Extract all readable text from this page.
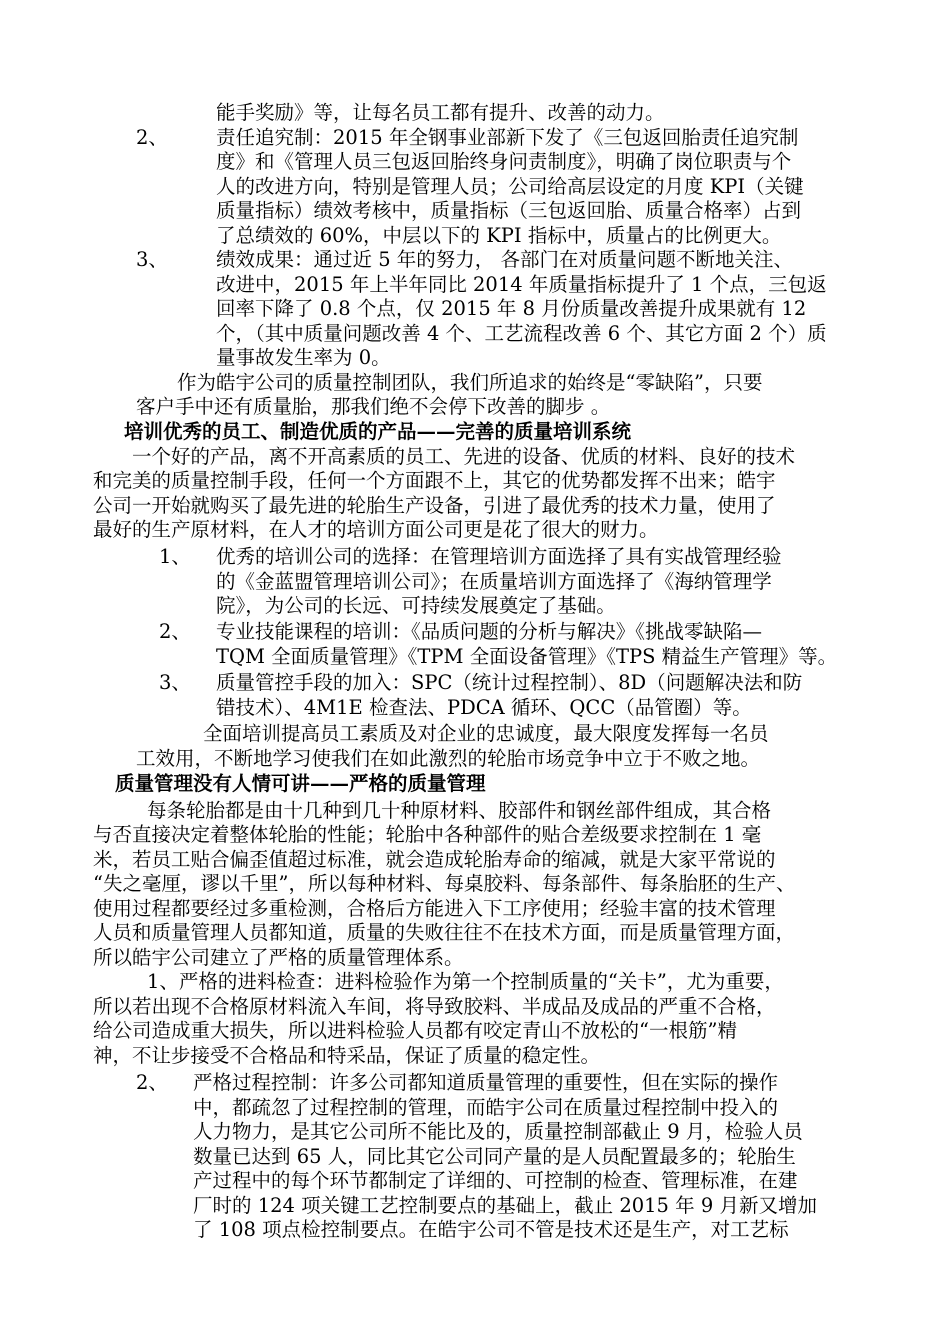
能手奖励》等，让每名员工都有提升、改善的动力。
2、 责任追究制：2015 年全钢事业部新下发了《三包返回胎责任追究制
度》和《管理人员三包返回胎终身问责制度》，明确了岗位职责与个
人的改进方向，特别是管理人员；公司给高层设定的月度 KPI（关键
质量指标）绩效考核中，质量指标（三包返回胎、质量合格率）占到
了总绩效的 60%，中层以下的 KPI 指标中，质量占的比例更大。
3、 绩效成果：通过近 5 年的努力， 各部门在对质量问题不断地关注、
改进中，2015 年上半年同比 2014 年质量指标提升了 1 个点，三包返
回率下降了 0.8 个点，仅 2015 年 8 月份质量改善提升成果就有 12
个，（其中质量问题改善 4 个、工艺流程改善 6 个、其它方面 2 个）质
量事故发生率为 0。
作为皓宇公司的质量控制团队，我们所追求的始终是“零缺陷”，只要
客户手中还有质量胎，那我们绝不会停下改善的脚步 。
培训优秀的员工、制造优质的产品——完善的质量培训系统
一个好的产品，离不开高素质的员工、先进的设备、优质的材料、良好的技术
和完美的质量控制手段，任何一个方面跟不上，其它的优势都发挥不出来；皓宇
公司一开始就购买了最先进的轮胎生产设备，引进了最优秀的技术力量，使用了
最好的生产原材料，在人才的培训方面公司更是花了很大的财力。
1、 优秀的培训公司的选择：在管理培训方面选择了具有实战管理经验
的《金蓝盟管理培训公司》；在质量培训方面选择了《海纳管理学
院》，为公司的长远、可持续发展奠定了基础。
2、 专业技能课程的培训：《品质问题的分析与解决》《挑战零缺陷—
TQM 全面质量管理》《TPM 全面设备管理》《TPS 精益生产管理》等。
3、 质量管控手段的加入：SPC（统计过程控制）、8D（问题解决法和防
错技术）、4M1E 检查法、PDCA 循环、QCC（品管圈）等。
全面培训提高员工素质及对企业的忠诚度，最大限度发挥每一名员
工效用，不断地学习使我们在如此激烈的轮胎市场竞争中立于不败之地。
质量管理没有人情可讲——严格的质量管理
每条轮胎都是由十几种到几十种原材料、胶部件和钢丝部件组成，其合格
与否直接决定着整体轮胎的性能；轮胎中各种部件的贴合差级要求控制在 1 毫
米，若员工贴合偏歪值超过标准，就会造成轮胎寿命的缩减，就是大家平常说的
“失之毫厘，谬以千里”，所以每种材料、每桌胶料、每条部件、每条胎胚的生产、
使用过程都要经过多重检测，合格后方能进入下工序使用；经验丰富的技术管理
人员和质量管理人员都知道，质量的失败往往不在技术方面，而是质量管理方面，
所以皓宇公司建立了严格的质量管理体系。
1、严格的进料检查：进料检验作为第一个控制质量的“关卡”，尤为重要，
所以若出现不合格原材料流入车间，将导致胶料、半成品及成品的严重不合格，
给公司造成重大损失，所以进料检验人员都有咬定青山不放松的“一根筋”精
神，不让步接受不合格品和特采品，保证了质量的稳定性。
2、 严格过程控制：许多公司都知道质量管理的重要性，但在实际的操作
中，都疏忽了过程控制的管理，而皓宇公司在质量过程控制中投入的
人力物力，是其它公司所不能比及的，质量控制部截止 9 月，检验人员
数量已达到 65 人，同比其它公司同产量的是人员配置最多的；轮胎生
产过程中的每个环节都制定了详细的、可控制的检查、管理标准，在建
厂时的 124 项关键工艺控制要点的基础上，截止 2015 年 9 月新又增加
了 108 项点检控制要点。在皓宇公司不管是技术还是生产，对工艺标
